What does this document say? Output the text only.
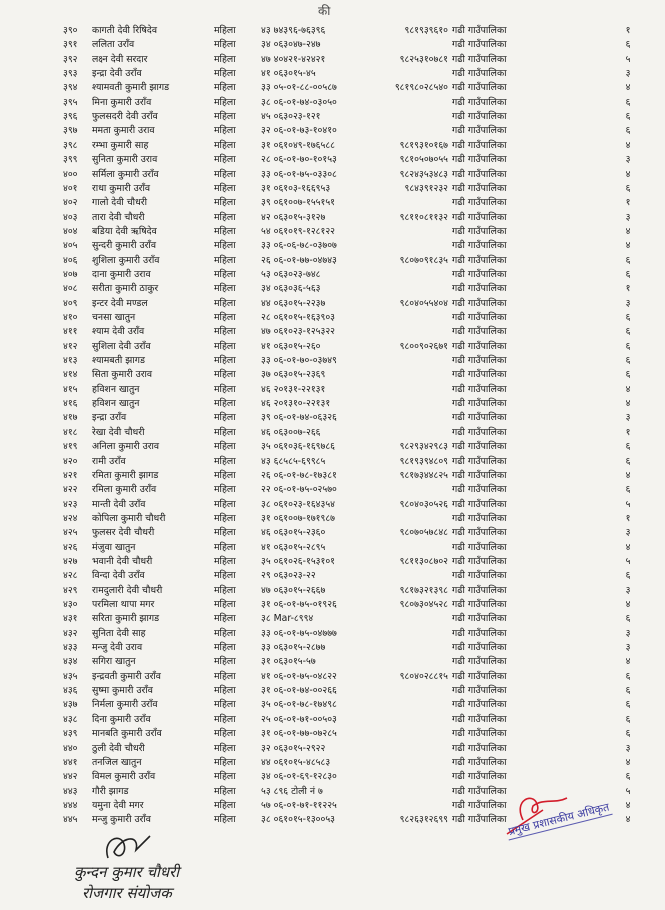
की
३९०	कागती देवी रिषिदेव	महिला	४३ ७४३९६-७६३९६	९८१९३९६१० गढी गाउँपालिका	१
३९१	ललिता उराँव	महिला	३४ ०६३०४७-२४७	गढी गाउँपालिका	६
३९२	लक्ष्न देवी सरदार	महिला	४७ ४०४२१-४२४२१	९८२५३१०७८१ गढी गाउँपालिका	५
३९३	इन्द्रा देवी उराँव	महिला	४१ ०६३०१५-४५	गढी गाउँपालिका	३
३९४	श्यामवती कुमारी झागड	महिला	३३ ०५-०१-८८-००५८७	९८१९८०२८५४० गढी गाउँपालिका	४
३९५	मिना कुमारी उराँव	महिला	३८ ०६-०१-७४-०३०५०	गढी गाउँपालिका	६
३९६	फुलसदरी देवी उराँव	महिला	४५ ०६३०२३-१२१	गढी गाउँपालिका	६
३९७	ममता कुमारी उराव	महिला	३२ ०६-०१-७३-१०४१०	गढी गाउँपालिका	६
३९८	रम्भा कुमारी साह	महिला	३१ ०६१०४९-१७६५८८	९८१९३१०१६७ गढी गाउँपालिका	४
३९९	सुनिता कुमारी उराव	महिला	२८ ०६-०१-७०-१०१५३	९८१०५०७०५५ गढी गाउँपालिका	३
४००	सर्मिला कुमारी उराँव	महिला	३३ ०६-०१-७५-०३३०८	९८२४३५३४८३ गढी गाउँपालिका	४
४०१	राधा कुमारी उराँव	महिला	३१ ०६१०३-१६६९५३	९८४३९१२३२ गढी गाउँपालिका	६
४०२	गालो देवी चौधरी	महिला	३९ ०६१००७-१५५१५१	गढी गाउँपालिका	१
४०३	तारा देवी चौधरी	महिला	४२ ०६३०१५-३१२७	९८११०८११३२ गढी गाउँपालिका	३
४०४	बडिया देवी ऋषिदेव	महिला	५४ ०६१०१९-१२८१२२	गढी गाउँपालिका	४
४०५	सुन्दरी कुमारी उराँव	महिला	३३ ०६-०६-७८-०३७०७	गढी गाउँपालिका	४
४०६	शुशिला कुमारी उराँव	महिला	२६ ०६-०१-७७-०४७४३	९८०७०९१८३५ गढी गाउँपालिका	६
४०७	दाना कुमारी उराव	महिला	५३ ०६३०२३-७४८	गढी गाउँपालिका	६
४०८	सरीता कुमारी ठाकुर	महिला	३४ ०६३०३६-५६३	गढी गाउँपालिका	१
४०९	इन्टर देवी मण्डल	महिला	४४ ०६३०१५-२२३७	९८०४०५५४०४ गढी गाउँपालिका	३
४१०	चनसा खातुन	महिला	२८ ०६१०१५-१६३९०३	गढी गाउँपालिका	६
४११	श्याम देवी उराँव	महिला	४७ ०६१०२३-१२५३२२	गढी गाउँपालिका	६
४१२	सुशिला देवी उराँव	महिला	४१ ०६३०१५-२६०	९८००९०२६७१ गढी गाउँपालिका	६
४१३	श्यामबती झागड	महिला	३३ ०६-०१-७०-०३७४९	गढी गाउँपालिका	६
४१४	सिता कुमारी उराव	महिला	३७ ०६३०१५-२३६९	गढी गाउँपालिका	६
४१५	हविशन खातुन	महिला	४६ २०१३१-२२१३१	गढी गाउँपालिका	४
४१६	हविशन खातुन	महिला	४६ २०१३१०-२२१३१	गढी गाउँपालिका	४
४१७	इन्द्रा उराँव	महिला	३९ ०६-०१-७४-०६३२६	गढी गाउँपालिका	३
४१८	रेखा देवी चौधरी	महिला	४६ ०६३००७-२६६	गढी गाउँपालिका	१
४१९	अनिला कुमारी उराव	महिला	३५ ०६१०३६-१६९७८६	९८२९३४२९८३ गढी गाउँपालिका	६
४२०	रामी उराँव	महिला	४३ ६८५८५-६९९८५	९८१९३९४८०९ गढी गाउँपालिका	६
४२१	रमिता कुमारी झागड	महिला	२६ ०६-०१-७८-१७३८१	९८१७३४४८२५ गढी गाउँपालिका	४
४२२	रमिला कुमारी उराँव	महिला	२२ ०६-०१-७५-०२५७०	गढी गाउँपालिका	६
४२३	मान्ती देवी उराँव	महिला	३८ ०६१०२३-१६४३५४	९८०४०३०५२६ गढी गाउँपालिका	५
४२४	कोपिला कुमारी चौधरी	महिला	३१ ०६१००७-१७१९८७	गढी गाउँपालिका	१
४२५	फुलसर देवी चौधरी	महिला	४६ ०६३०१५-२३६०	९८०७०५७८४८ गढी गाउँपालिका	३
४२६	मंजुवा खातुन	महिला	४१ ०६३०१५-२८९५	गढी गाउँपालिका	४
४२७	भवानी देवी चौधरी	महिला	३५ ०६१०२६-१५३१०१	९८११३०८७०२ गढी गाउँपालिका	५
४२८	विन्दा देवी उराँव	महिला	२९ ०६३०२३-२२	गढी गाउँपालिका	६
४२९	रामदुलारी देवी चौधरी	महिला	४७ ०६३०१५-२६६७	९८१७३२१३९८ गढी गाउँपालिका	३
४३०	परमिला थापा मगर	महिला	३१ ०६-०१-७५-०१९२६	९८०७३०४५२८ गढी गाउँपालिका	४
४३१	सरिता कुमारी झागड	महिला	३८ Mar-८९९४	गढी गाउँपालिका	६
४३२	सुनिता देवी साह	महिला	३३ ०६-०१-७५-०४७७७	गढी गाउँपालिका	३
४३३	मन्जु देवी उराव	महिला	३३ ०६३०१५-२८७७	गढी गाउँपालिका	३
४३४	सगिरा खातुन	महिला	३१ ०६३०१५-५७	गढी गाउँपालिका	४
४३५	इन्द्रवती कुमारी उराँव	महिला	४१ ०६-०१-७५-०४८२२	९८०४०२८८१५ गढी गाउँपालिका	६
४३६	सुष्मा कुमारी उराँव	महिला	३१ ०६-०१-७४-००२६६	गढी गाउँपालिका	६
४३७	निर्मला कुमारी उराँव	महिला	३५ ०६-०१-७८-१७४९८	गढी गाउँपालिका	६
४३८	दिना कुमारी उराँव	महिला	२५ ०६-०१-७१-००५०३	गढी गाउँपालिका	६
४३९	मानबति कुमारी उराँव	महिला	३१ ०६-०१-७७-०७२८५	गढी गाउँपालिका	६
४४०	ठुली देवी चौधरी	महिला	३२ ०६३०१५-२९२२	गढी गाउँपालिका	३
४४१	तनजिल खातुन	महिला	४४ ०६१०१५-४८५८३	गढी गाउँपालिका	४
४४२	विमल कुमारी उराँव	महिला	३४ ०६-०१-६९-१२८३०	गढी गाउँपालिका	६
४४३	गौरी झागड	महिला	५३ ८९६ टोली नं ७	गढी गाउँपालिका	५
४४४	यमुना देवी मगर	महिला	५७ ०६-०१-७१-११२२५	गढी गाउँपालिका	४
४४५	मन्जु कुमारी उराँव	महिला	३८ ०६१०१५-१३००५३	९८२६३१२६९९ गढी गाउँपालिका	४
कुन्दन कुमार चौधरी
रोजगार संयोजक
प्रमुख प्रशासकीय अधिकृत
